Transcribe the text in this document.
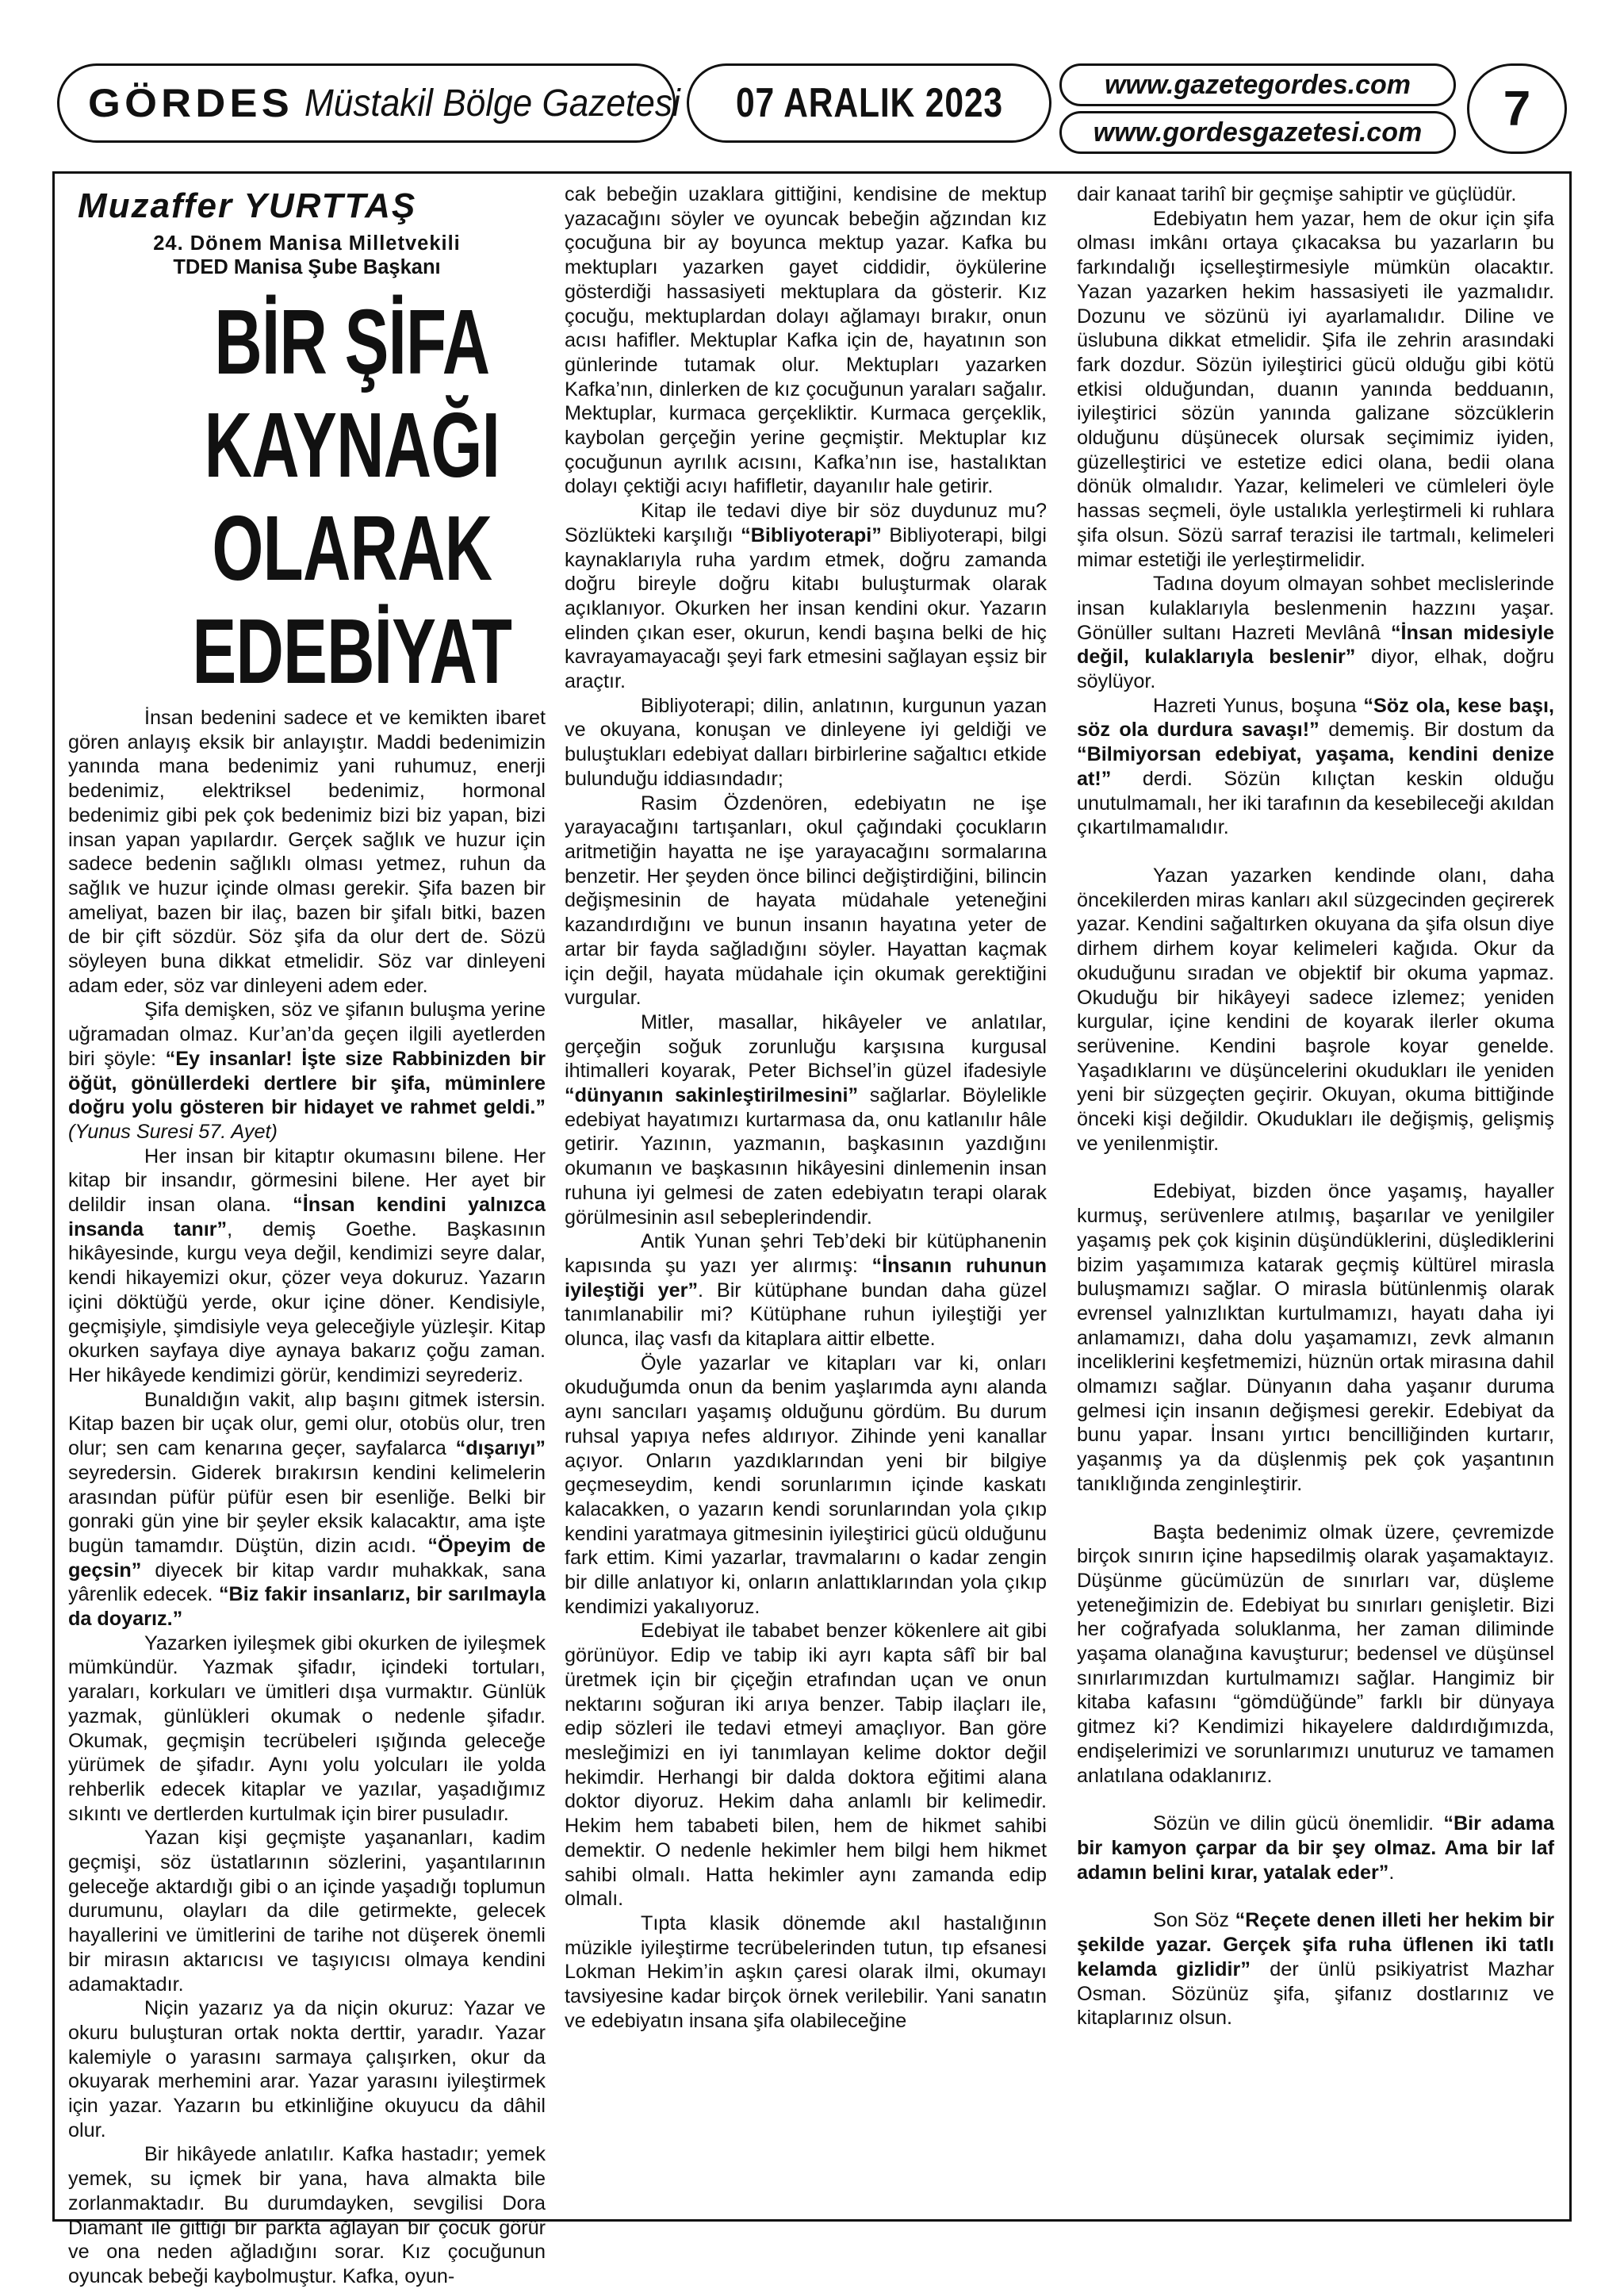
GÖRDES Müstakil Bölge Gazetesi 07 ARALIK 2023	www.gazetegordes.com
www.gordesgazetesi.com 7
Muzaffer YURTTAŞ
24. Dönem Manisa Milletvekili
TDED Manisa Şube Başkanı
BİR ŞİFA KAYNAĞI OLARAK EDEBİYAT

İnsan bedenini sadece et ve kemikten ibaret gören anlayış eksik bir anlayıştır. Maddi bedenimizin yanında mana bedenimiz yani ruhumuz, enerji bedenimiz, elektriksel bedenimiz, hormonal bedenimiz gibi pek çok bedenimiz bizi biz yapan, bizi insan yapan yapılardır. Gerçek sağlık ve huzur için sadece bedenin sağlıklı olması yetmez, ruhun da sağlık ve huzur içinde olması gerekir. Şifa bazen bir ameliyat, bazen bir ilaç, bazen bir şifalı bitki, bazen de bir çift sözdür. Söz şifa da olur dert de. Sözü söyleyen buna dikkat etmelidir. Söz var dinleyeni adam eder, söz var dinleyeni adem eder.

Şifa demişken, söz ve şifanın buluşma yerine uğramadan olmaz. Kur’an’da geçen ilgili ayetlerden biri şöyle: “Ey insanlar! İşte size Rabbinizden bir öğüt, gönüllerdeki dertlere bir şifa, müminlere doğru yolu gösteren bir hidayet ve rahmet geldi.” (Yunus Suresi 57. Ayet)

Her insan bir kitaptır okumasını bilene. Her kitap bir insandır, görmesini bilene. Her ayet bir delildir insan olana. “İnsan kendini yalnızca insanda tanır”, demiş Goethe. Başkasının hikâyesinde, kurgu veya değil, kendimizi seyre dalar, kendi hikayemizi okur, çözer veya dokuruz. Yazarın içini döktüğü yerde, okur içine döner. Kendisiyle, geçmişiyle, şimdisiyle veya geleceğiyle yüzleşir. Kitap okurken sayfaya diye aynaya bakarız çoğu zaman. Her hikâyede kendimizi görür, kendimizi seyrederiz.

Bunaldığın vakit, alıp başını gitmek istersin. Kitap bazen bir uçak olur, gemi olur, otobüs olur, tren olur; sen cam kenarına geçer, sayfalarca “dışarıyı” seyredersin. Giderek bırakırsın kendini kelimelerin arasından püfür püfür esen bir esenliğe. Belki bir gonraki gün yine bir şeyler eksik kalacaktır, ama işte bugün tamamdır. Düştün, dizin acıdı. “Öpeyim de geçsin” diyecek bir kitap vardır muhakkak, sana yârenlik edecek. “Biz fakir insanlarız, bir sarılmayla da doyarız.”

Yazarken iyileşmek gibi okurken de iyileşmek mümkündür. Yazmak şifadır, içindeki tortuları, yaraları, korkuları ve ümitleri dışa vurmaktır. Günlük yazmak, günlükleri okumak o nedenle şifadır. Okumak, geçmişin tecrübeleri ışığında geleceğe yürümek de şifadır. Aynı yolu yolcuları ile yolda rehberlik edecek kitaplar ve yazılar, yaşadığımız sıkıntı ve dertlerden kurtulmak için birer pusuladır.

Yazan kişi geçmişte yaşananları, kadim geçmişi, söz üstatlarının sözlerini, yaşantılarının geleceğe aktardığı gibi o an içinde yaşadığı toplumun durumunu, olayları da dile getirmekte, gelecek hayallerini ve ümitlerini de tarihe not düşerek önemli bir mirasın aktarıcısı ve taşıyıcısı olmaya kendini adamaktadır.

Niçin yazarız ya da niçin okuruz: Yazar ve okuru buluşturan ortak nokta derttir, yaradır. Yazar kalemiyle o yarasını sarmaya çalışırken, okur da okuyarak merhemini arar. Yazar yarasını iyileştirmek için yazar. Yazarın bu etkinliğine okuyucu da dâhil olur.

Bir hikâyede anlatılır. Kafka hastadır; yemek yemek, su içmek bir yana, hava almakta bile zorlanmaktadır. Bu durumdayken, sevgilisi Dora Diamant ile gittiği bir parkta ağlayan bir çocuk görür ve ona neden ağladığını sorar. Kız çocuğunun oyuncak bebeği kaybolmuştur. Kafka, oyun-

cak bebeğin uzaklara gittiğini, kendisine de mektup yazacağını söyler ve oyuncak bebeğin ağzından kız çocuğuna bir ay boyunca mektup yazar. Kafka bu mektupları yazarken gayet ciddidir, öykülerine gösterdiği hassasiyeti mektuplara da gösterir. Kız çocuğu, mektuplardan dolayı ağlamayı bırakır, onun acısı hafifler. Mektuplar Kafka için de, hayatının son günlerinde tutamak olur. Mektupları yazarken Kafka’nın, dinlerken de kız çocuğunun yaraları sağalır. Mektuplar, kurmaca gerçekliktir. Kurmaca gerçeklik, kaybolan gerçeğin yerine geçmiştir. Mektuplar kız çocuğunun ayrılık acısını, Kafka’nın ise, hastalıktan dolayı çektiği acıyı hafifletir, dayanılır hale getirir.

Kitap ile tedavi diye bir söz duydunuz mu? Sözlükteki karşılığı “Bibliyoterapi” Bibliyoterapi, bilgi kaynaklarıyla ruha yardım etmek, doğru zamanda doğru bireyle doğru kitabı buluşturmak olarak açıklanıyor. Okurken her insan kendini okur. Yazarın elinden çıkan eser, okurun, kendi başına belki de hiç kavrayamayacağı şeyi fark etmesini sağlayan eşsiz bir araçtır.

Bibliyoterapi; dilin, anlatının, kurgunun yazan ve okuyana, konuşan ve dinleyene iyi geldiği ve buluştukları edebiyat dalları birbirlerine sağaltıcı etkide bulunduğu iddiasındadır;

Rasim Özdenören, edebiyatın ne işe yarayacağını tartışanları, okul çağındaki çocukların aritmetiğin hayatta ne işe yarayacağını sormalarına benzetir. Her şeyden önce bilinci değiştirdiğini, bilincin değişmesinin de hayata müdahale yeteneğini kazandırdığını ve bunun insanın hayatına yeter de artar bir fayda sağladığını söyler. Hayattan kaçmak için değil, hayata müdahale için okumak gerektiğini vurgular.

Mitler, masallar, hikâyeler ve anlatılar, gerçeğin soğuk zorunluğu karşısına kurgusal ihtimalleri koyarak, Peter Bichsel’in güzel ifadesiyle “dünyanın sakinleştirilmesini” sağlarlar. Böylelikle edebiyat hayatımızı kurtarmasa da, onu katlanılır hâle getirir. Yazının, yazmanın, başkasının yazdığını okumanın ve başkasının hikâyesini dinlemenin insan ruhuna iyi gelmesi de zaten edebiyatın terapi olarak görülmesinin asıl sebeplerindendir.

Antik Yunan şehri Teb’deki bir kütüphanenin kapısında şu yazı yer alırmış: “İnsanın ruhunun iyileştiği yer”. Bir kütüphane bundan daha güzel tanımlanabilir mi? Kütüphane ruhun iyileştiği yer olunca, ilaç vasfı da kitaplara aittir elbette.

Öyle yazarlar ve kitapları var ki, onları okuduğumda onun da benim yaşlarımda aynı alanda aynı sancıları yaşamış olduğunu gördüm. Bu durum ruhsal yapıya nefes aldırıyor. Zihinde yeni kanallar açıyor. Onların yazdıklarından yeni bir bilgiye geçmeseydim, kendi sorunlarımın içinde kaskatı kalacakken, o yazarın kendi sorunlarından yola çıkıp kendini yaratmaya gitmesinin iyileştirici gücü olduğunu fark ettim. Kimi yazarlar, travmalarını o kadar zengin bir dille anlatıyor ki, onların anlattıklarından yola çıkıp kendimizi yakalıyoruz.

Edebiyat ile tababet benzer kökenlere ait gibi görünüyor. Edip ve tabip iki ayrı kapta sâfî bir bal üretmek için bir çiçeğin etrafından uçan ve onun nektarını soğuran iki arıya benzer. Tabip ilaçları ile, edip sözleri ile tedavi etmeyi amaçlıyor. Ban göre mesleğimizi en iyi tanımlayan kelime doktor değil hekimdir. Herhangi bir dalda doktora eğitimi alana doktor diyoruz. Hekim daha anlamlı bir kelimedir. Hekim hem tababeti bilen, hem de hikmet sahibi demektir. O nedenle hekimler hem bilgi hem hikmet sahibi olmalı. Hatta hekimler aynı zamanda edip olmalı.

Tıpta klasik dönemde akıl hastalığının müzikle iyileştirme tecrübelerinden tutun, tıp efsanesi Lokman Hekim’in aşkın çaresi olarak ilmi, okumayı tavsiyesine kadar birçok örnek verilebilir. Yani sanatın ve edebiyatın insana şifa olabileceğine

dair kanaat tarihî bir geçmişe sahiptir ve güçlüdür.

Edebiyatın hem yazar, hem de okur için şifa olması imkânı ortaya çıkacaksa bu yazarların bu farkındalığı içselleştirmesiyle mümkün olacaktır. Yazan yazarken hekim hassasiyeti ile yazmalıdır. Dozunu ve sözünü iyi ayarlamalıdır. Diline ve üslubuna dikkat etmelidir. Şifa ile zehrin arasındaki fark dozdur. Sözün iyileştirici gücü olduğu gibi kötü etkisi olduğundan, duanın yanında bedduanın, iyileştirici sözün yanında galizane sözcüklerin olduğunu düşünecek olursak seçimimiz iyiden, güzelleştirici ve estetize edici olana, bedii olana dönük olmalıdır. Yazar, kelimeleri ve cümleleri öyle hassas seçmeli, öyle ustalıkla yerleştirmeli ki ruhlara şifa olsun. Sözü sarraf terazisi ile tartmalı, kelimeleri mimar estetiği ile yerleştirmelidir.

Tadına doyum olmayan sohbet meclislerinde insan kulaklarıyla beslenmenin hazzını yaşar. Gönüller sultanı Hazreti Mevlânâ “İnsan midesiyle değil, kulaklarıyla beslenir” diyor, elhak, doğru söylüyor.

Hazreti Yunus, boşuna “Söz ola, kese başı, söz ola durdura savaşı!” dememiş. Bir dostum da “Bilmiyorsan edebiyat, yaşama, kendini denize at!” derdi. Sözün kılıçtan keskin olduğu unutulmamalı, her iki tarafının da kesebileceği akıldan çıkartılmamalıdır.

Yazan yazarken kendinde olanı, daha öncekilerden miras kanları akıl süzgecinden geçirerek yazar. Kendini sağaltırken okuyana da şifa olsun diye dirhem dirhem koyar kelimeleri kağıda. Okur da okuduğunu sıradan ve objektif bir okuma yapmaz. Okuduğu bir hikâyeyi sadece izlemez; yeniden kurgular, içine kendini de koyarak ilerler okuma serüvenine. Kendini başrole koyar genelde. Yaşadıklarını ve düşüncelerini okudukları ile yeniden yeni bir süzgeçten geçirir. Okuyan, okuma bittiğinde önceki kişi değildir. Okudukları ile değişmiş, gelişmiş ve yenilenmiştir.

Edebiyat, bizden önce yaşamış, hayaller kurmuş, serüvenlere atılmış, başarılar ve yenilgiler yaşamış pek çok kişinin düşündüklerini, düşlediklerini bizim yaşamımıza katarak geçmiş kültürel mirasla buluşmamızı sağlar. O mirasla bütünlenmiş olarak evrensel yalnızlıktan kurtulmamızı, hayatı daha iyi anlamamızı, daha dolu yaşamamızı, zevk almanın inceliklerini keşfetmemizi, hüznün ortak mirasına dahil olmamızı sağlar. Dünyanın daha yaşanır duruma gelmesi için insanın değişmesi gerekir. Edebiyat da bunu yapar. İnsanı yırtıcı bencilliğinden kurtarır, yaşanmış ya da düşlenmiş pek çok yaşantının tanıklığında zenginleştirir.

Başta bedenimiz olmak üzere, çevremizde birçok sınırın içine hapsedilmiş olarak yaşamaktayız. Düşünme gücümüzün de sınırları var, düşleme yeteneğimizin de. Edebiyat bu sınırları genişletir. Bizi her coğrafyada soluklanma, her zaman diliminde yaşama olanağına kavuşturur; bedensel ve düşünsel sınırlarımızdan kurtulmamızı sağlar. Hangimiz bir kitaba kafasını “gömdüğünde” farklı bir dünyaya gitmez ki? Kendimizi hikayelere daldırdığımızda, endişelerimizi ve sorunlarımızı unuturuz ve tamamen anlatılana odaklanırız.

Sözün ve dilin gücü önemlidir. “Bir adama bir kamyon çarpar da bir şey olmaz. Ama bir laf adamın belini kırar, yatalak eder”.

Son Söz “Reçete denen illeti her hekim bir şekilde yazar. Gerçek şifa ruha üflenen iki tatlı kelamda gizlidir” der ünlü psikiyatrist Mazhar Osman. Sözünüz şifa, şifanız dostlarınız ve kitaplarınız olsun.
